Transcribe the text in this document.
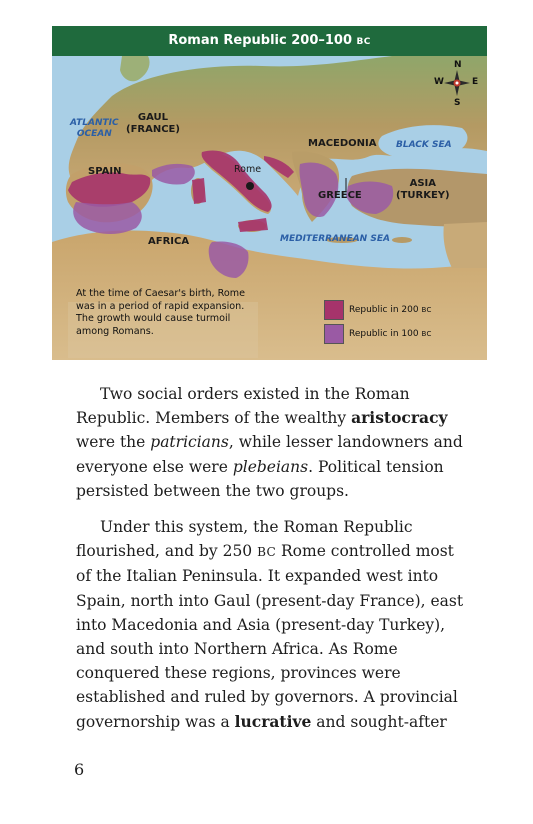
Roman Republic 200–100 BC
ATLANTIC
OCEAN
GAUL
(FRANCE)
SPAIN	Rome
MACEDONIA BLACK SEA
GREECE
ASIA
(TURKEY)
AFRICA	MEDITERRANEAN SEA
N
S
E
W
At the time of Caesar's birth, Rome was in a period of rapid expansion. The growth would cause turmoil among Romans.
Republic in 200 BC
Republic in 100 BC

Two social orders existed in the Roman Republic. Members of the wealthy aristocracy were the patricians, while lesser landowners and everyone else were plebeians. Political tension persisted between the two groups.

Under this system, the Roman Republic flourished, and by 250 BC Rome controlled most of the Italian Peninsula. It expanded west into Spain, north into Gaul (present-day France), east into Macedonia and Asia (present-day Turkey), and south into Northern Africa. As Rome conquered these regions, provinces were established and ruled by governors. A provincial governorship was a lucrative and sought-after

6
